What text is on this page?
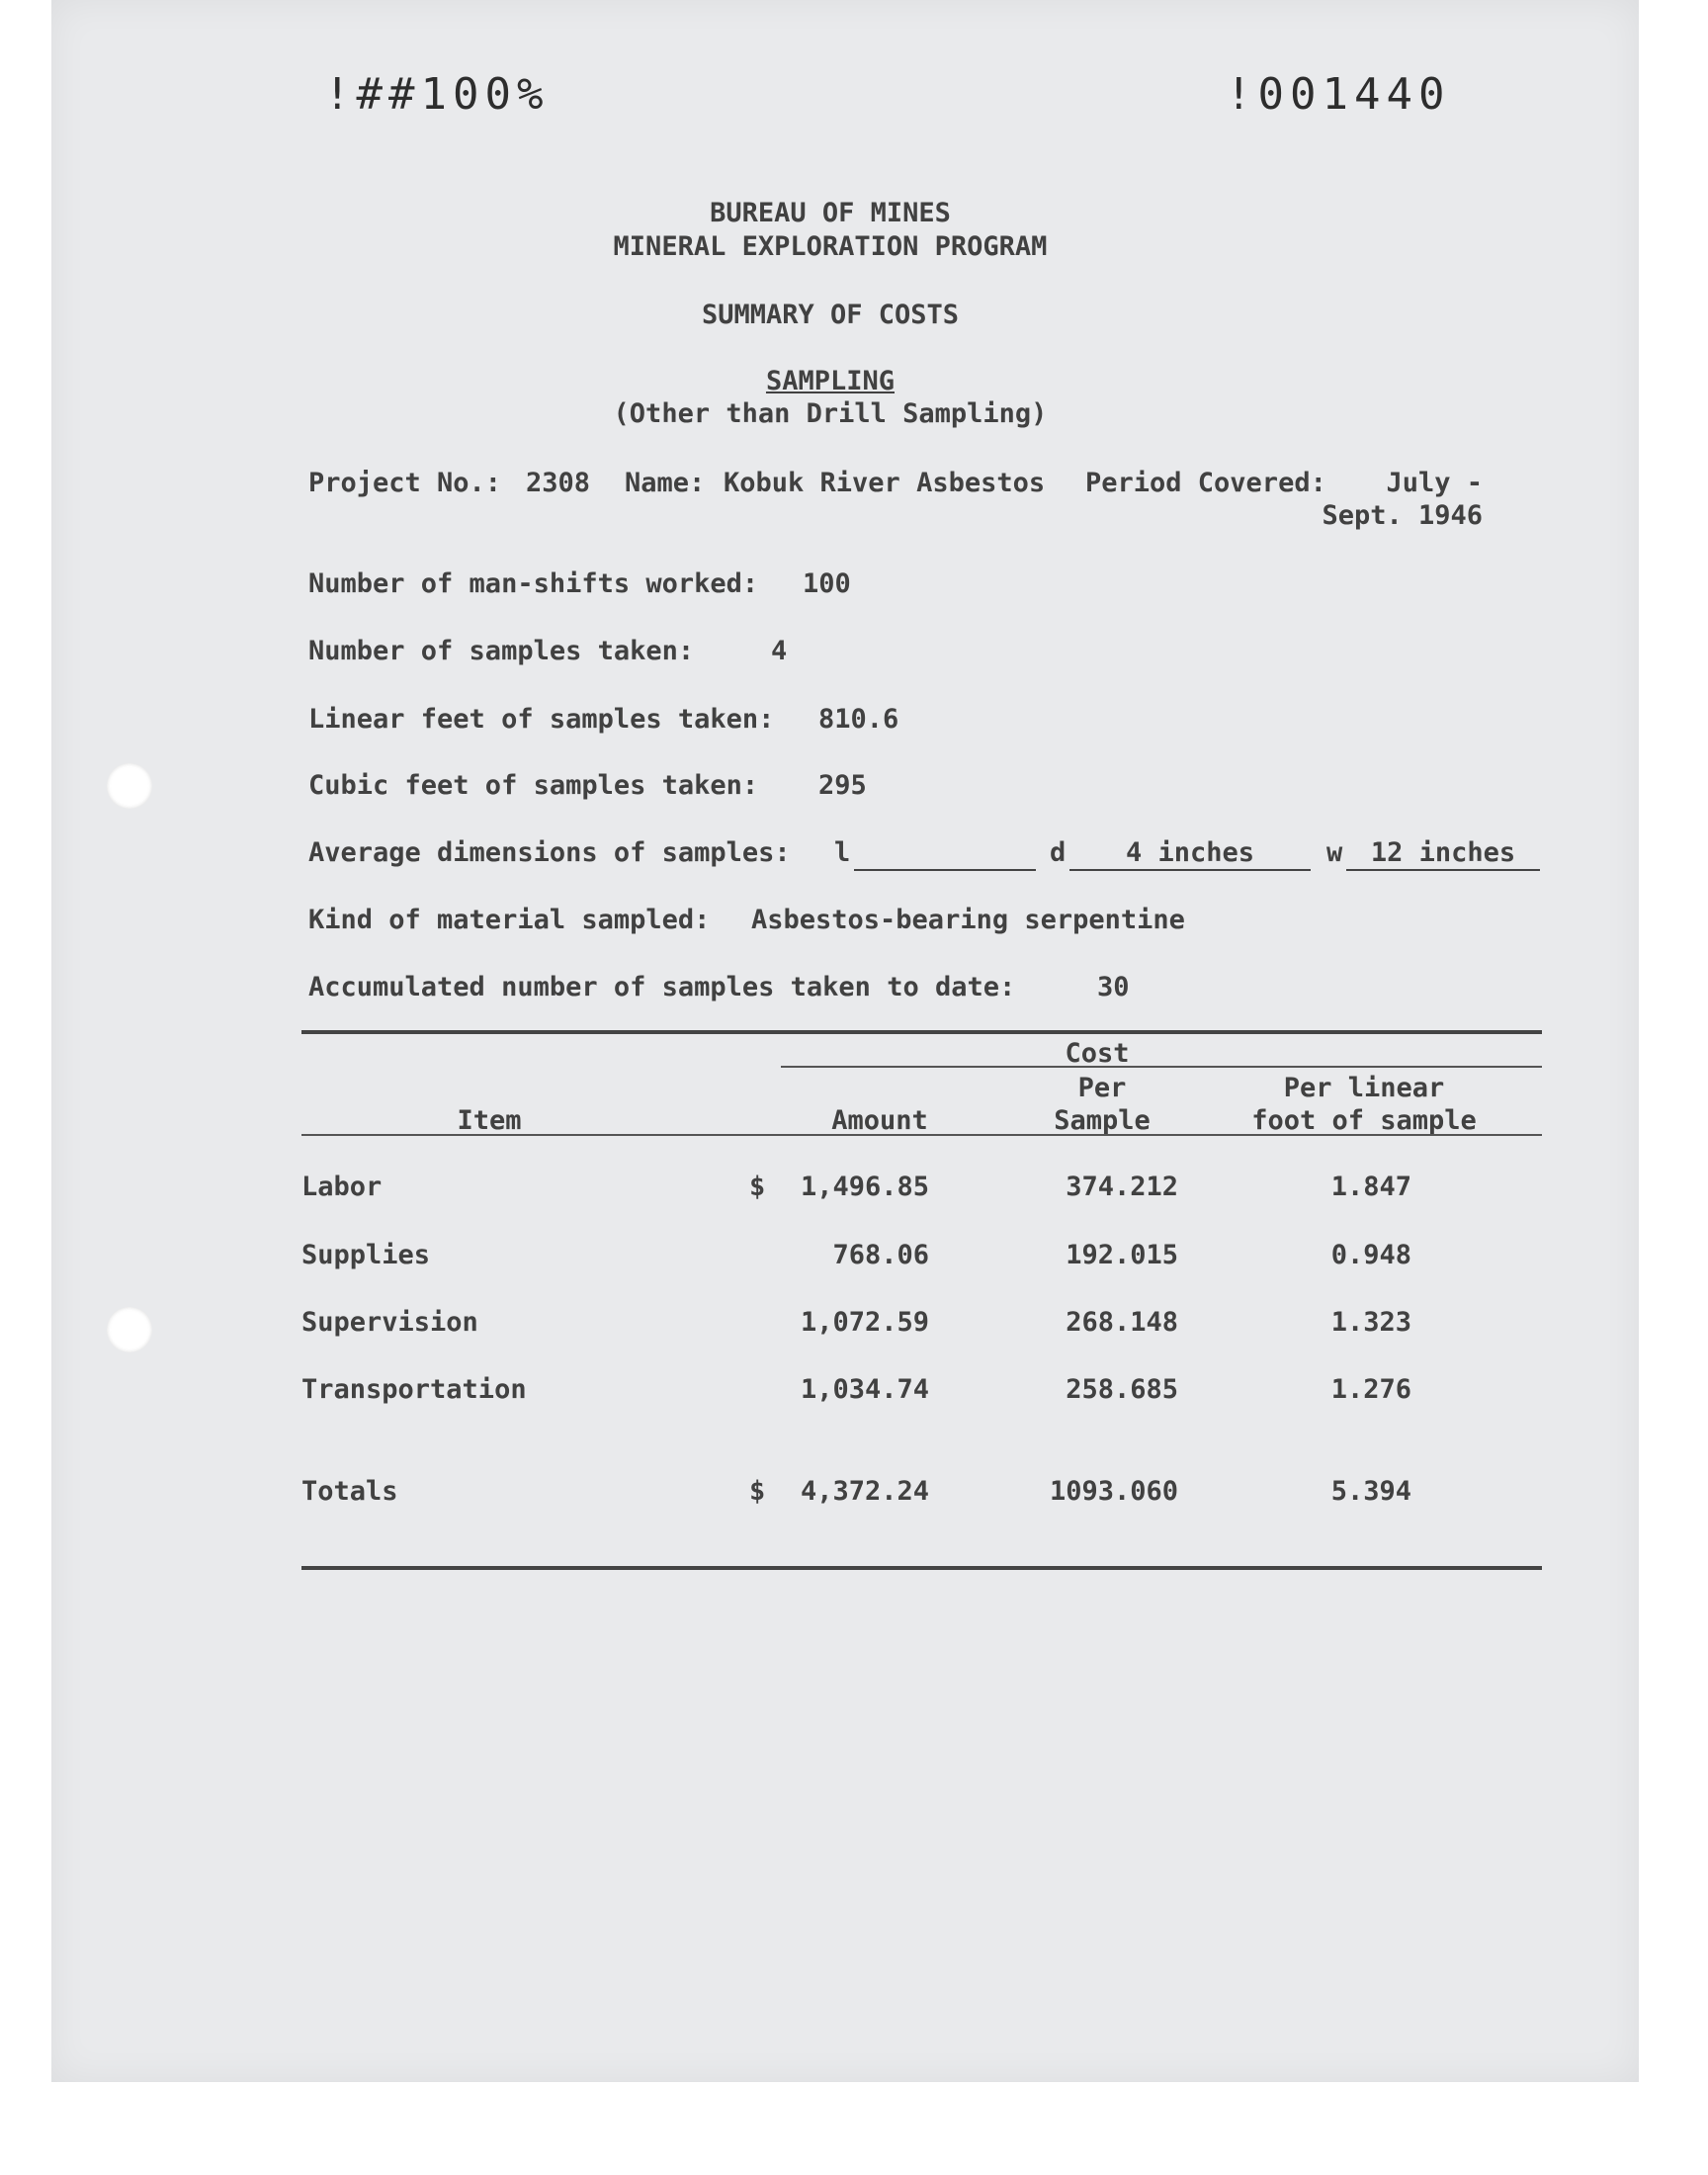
!##100%	!001440
BUREAU OF MINES
MINERAL EXPLORATION PROGRAM
SUMMARY OF COSTS
SAMPLING
(Other than Drill Sampling)
Project No.: 2308 Name: Kobuk River Asbestos Period Covered:	July -
Sept. 1946
Number of man-shifts worked: 100
Number of samples taken:	4
Linear feet of samples taken: 810.6
Cubic feet of samples taken: 295
Average dimensions of samples: l	d	4 inches	w	12 inches
Kind of material sampled: Asbestos-bearing serpentine
Accumulated number of samples taken to date:	30
Cost
Per	Per linear
Item	Amount	Sample	foot of sample
Labor	$	1,496.85	374.212	1.847
Supplies	768.06	192.015	0.948
Supervision	1,072.59	268.148	1.323
Transportation	1,034.74	258.685	1.276
Totals	$	4,372.24	1093.060	5.394
